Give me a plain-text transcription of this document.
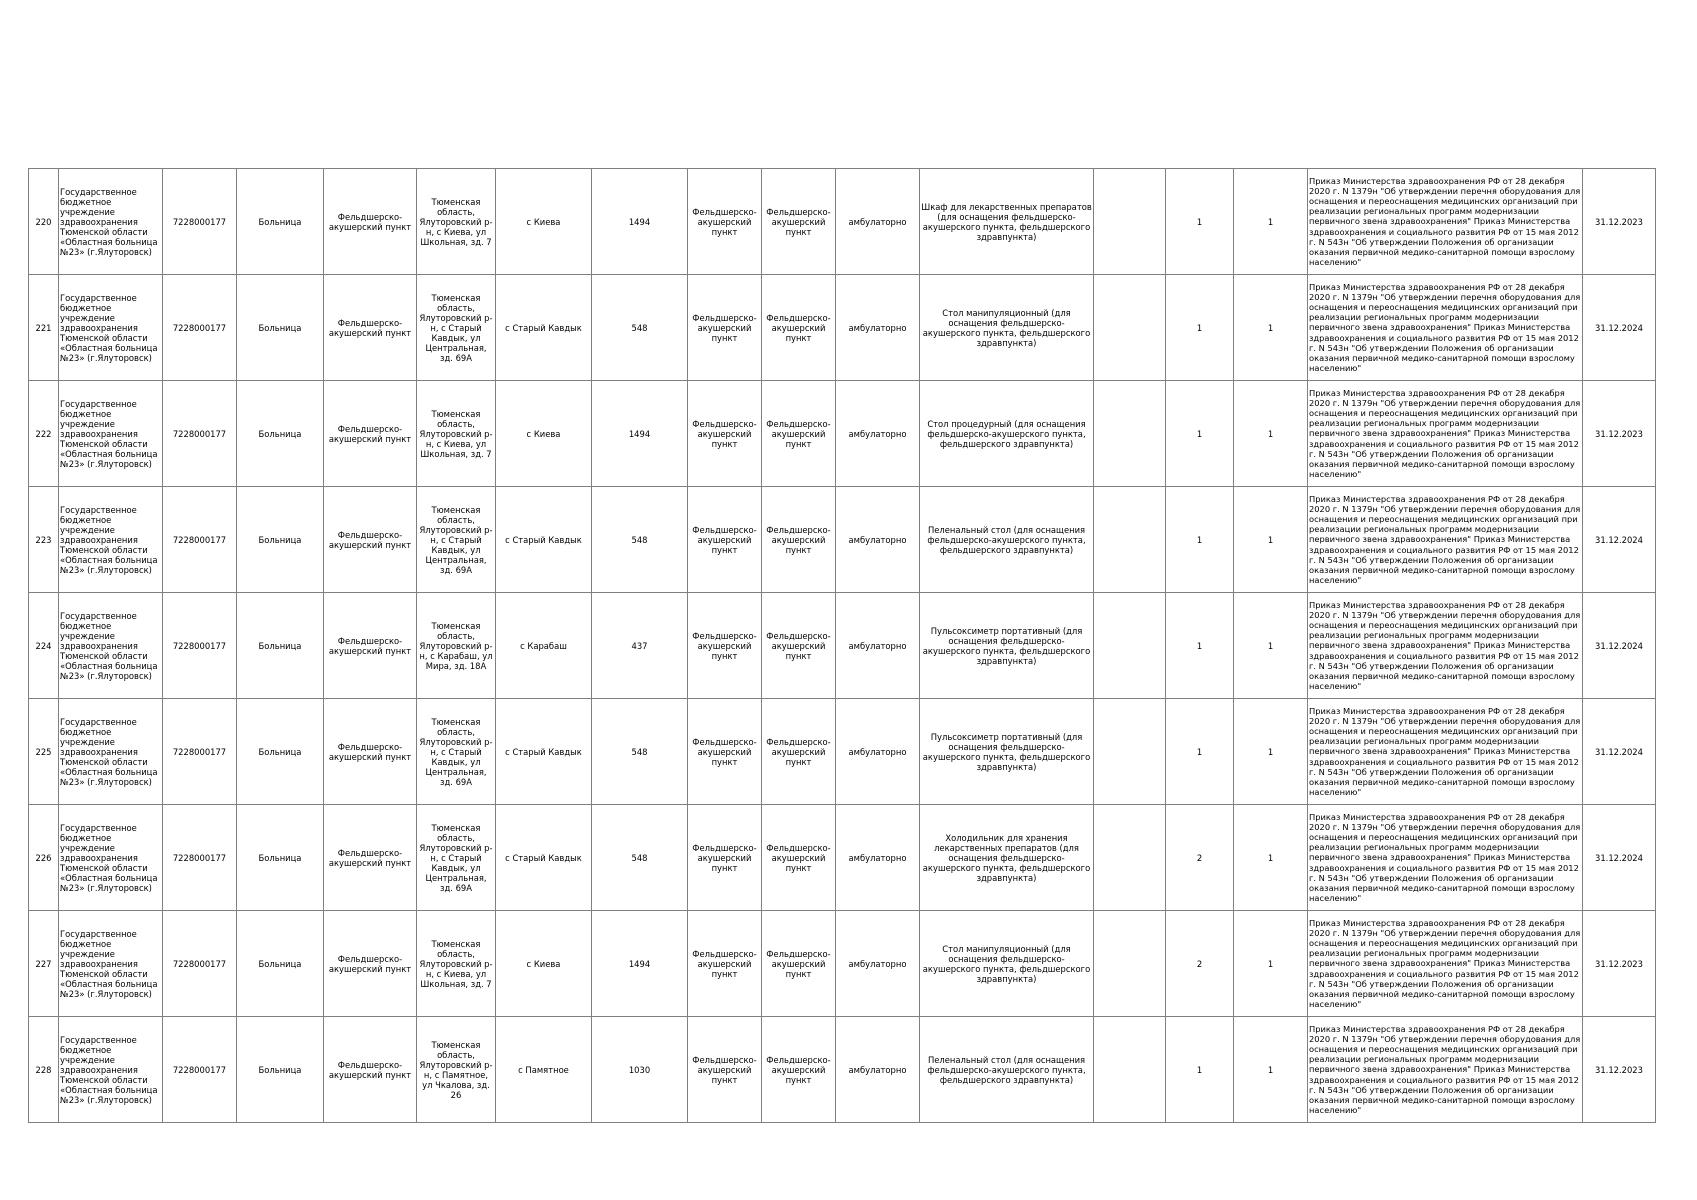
220	Государственное бюджетное учреждение здравоохранения Тюменской области «Областная больница №23» (г.Ялуторовск)	7228000177	Больница	Фельдшерско-акушерский пункт	Тюменская область, Ялуторовский р-н, с Киева, ул Школьная, зд. 7	с Киева	1494	Фельдшерско-акушерский пункт	Фельдшерско-акушерский пункт	амбулаторно	Шкаф для лекарственных препаратов (для оснащения фельдшерско-акушерского пункта, фельдшерского здравпункта)		1	1	Приказ Министерства здравоохранения РФ от 28 декабря 2020 г. N 1379н "Об утверждении перечня оборудования для оснащения и переоснащения медицинских организаций при реализации региональных программ модернизации первичного звена здравоохранения" Приказ Министерства здравоохранения и социального развития РФ от 15 мая 2012 г. N 543н "Об утверждении Положения об организации оказания первичной медико-санитарной помощи взрослому населению"	31.12.2023
221	Государственное бюджетное учреждение здравоохранения Тюменской области «Областная больница №23» (г.Ялуторовск)	7228000177	Больница	Фельдшерско-акушерский пункт	Тюменская область, Ялуторовский р-н, с Старый Кавдык, ул Центральная, зд. 69А	с Старый Кавдык	548	Фельдшерско-акушерский пункт	Фельдшерско-акушерский пункт	амбулаторно	Стол манипуляционный (для оснащения фельдшерско-акушерского пункта, фельдшерского здравпункта)		1	1	Приказ Министерства здравоохранения РФ от 28 декабря 2020 г. N 1379н "Об утверждении перечня оборудования для оснащения и переоснащения медицинских организаций при реализации региональных программ модернизации первичного звена здравоохранения" Приказ Министерства здравоохранения и социального развития РФ от 15 мая 2012 г. N 543н "Об утверждении Положения об организации оказания первичной медико-санитарной помощи взрослому населению"	31.12.2024
222	Государственное бюджетное учреждение здравоохранения Тюменской области «Областная больница №23» (г.Ялуторовск)	7228000177	Больница	Фельдшерско-акушерский пункт	Тюменская область, Ялуторовский р-н, с Киева, ул Школьная, зд. 7	с Киева	1494	Фельдшерско-акушерский пункт	Фельдшерско-акушерский пункт	амбулаторно	Стол процедурный (для оснащения фельдшерско-акушерского пункта, фельдшерского здравпункта)		1	1	Приказ Министерства здравоохранения РФ от 28 декабря 2020 г. N 1379н "Об утверждении перечня оборудования для оснащения и переоснащения медицинских организаций при реализации региональных программ модернизации первичного звена здравоохранения" Приказ Министерства здравоохранения и социального развития РФ от 15 мая 2012 г. N 543н "Об утверждении Положения об организации оказания первичной медико-санитарной помощи взрослому населению"	31.12.2023
223	Государственное бюджетное учреждение здравоохранения Тюменской области «Областная больница №23» (г.Ялуторовск)	7228000177	Больница	Фельдшерско-акушерский пункт	Тюменская область, Ялуторовский р-н, с Старый Кавдык, ул Центральная, зд. 69А	с Старый Кавдык	548	Фельдшерско-акушерский пункт	Фельдшерско-акушерский пункт	амбулаторно	Пеленальный стол (для оснащения фельдшерско-акушерского пункта, фельдшерского здравпункта)		1	1	Приказ Министерства здравоохранения РФ от 28 декабря 2020 г. N 1379н "Об утверждении перечня оборудования для оснащения и переоснащения медицинских организаций при реализации региональных программ модернизации первичного звена здравоохранения" Приказ Министерства здравоохранения и социального развития РФ от 15 мая 2012 г. N 543н "Об утверждении Положения об организации оказания первичной медико-санитарной помощи взрослому населению"	31.12.2024
224	Государственное бюджетное учреждение здравоохранения Тюменской области «Областная больница №23» (г.Ялуторовск)	7228000177	Больница	Фельдшерско-акушерский пункт	Тюменская область, Ялуторовский р-н, с Карабаш, ул Мира, зд. 18А	с Карабаш	437	Фельдшерско-акушерский пункт	Фельдшерско-акушерский пункт	амбулаторно	Пульсоксиметр портативный (для оснащения фельдшерско-акушерского пункта, фельдшерского здравпункта)		1	1	Приказ Министерства здравоохранения РФ от 28 декабря 2020 г. N 1379н "Об утверждении перечня оборудования для оснащения и переоснащения медицинских организаций при реализации региональных программ модернизации первичного звена здравоохранения" Приказ Министерства здравоохранения и социального развития РФ от 15 мая 2012 г. N 543н "Об утверждении Положения об организации оказания первичной медико-санитарной помощи взрослому населению"	31.12.2024
225	Государственное бюджетное учреждение здравоохранения Тюменской области «Областная больница №23» (г.Ялуторовск)	7228000177	Больница	Фельдшерско-акушерский пункт	Тюменская область, Ялуторовский р-н, с Старый Кавдык, ул Центральная, зд. 69А	с Старый Кавдык	548	Фельдшерско-акушерский пункт	Фельдшерско-акушерский пункт	амбулаторно	Пульсоксиметр портативный (для оснащения фельдшерско-акушерского пункта, фельдшерского здравпункта)		1	1	Приказ Министерства здравоохранения РФ от 28 декабря 2020 г. N 1379н "Об утверждении перечня оборудования для оснащения и переоснащения медицинских организаций при реализации региональных программ модернизации первичного звена здравоохранения" Приказ Министерства здравоохранения и социального развития РФ от 15 мая 2012 г. N 543н "Об утверждении Положения об организации оказания первичной медико-санитарной помощи взрослому населению"	31.12.2024
226	Государственное бюджетное учреждение здравоохранения Тюменской области «Областная больница №23» (г.Ялуторовск)	7228000177	Больница	Фельдшерско-акушерский пункт	Тюменская область, Ялуторовский р-н, с Старый Кавдык, ул Центральная, зд. 69А	с Старый Кавдык	548	Фельдшерско-акушерский пункт	Фельдшерско-акушерский пункт	амбулаторно	Холодильник для хранения лекарственных препаратов (для оснащения фельдшерско-акушерского пункта, фельдшерского здравпункта)		2	1	Приказ Министерства здравоохранения РФ от 28 декабря 2020 г. N 1379н "Об утверждении перечня оборудования для оснащения и переоснащения медицинских организаций при реализации региональных программ модернизации первичного звена здравоохранения" Приказ Министерства здравоохранения и социального развития РФ от 15 мая 2012 г. N 543н "Об утверждении Положения об организации оказания первичной медико-санитарной помощи взрослому населению"	31.12.2024
227	Государственное бюджетное учреждение здравоохранения Тюменской области «Областная больница №23» (г.Ялуторовск)	7228000177	Больница	Фельдшерско-акушерский пункт	Тюменская область, Ялуторовский р-н, с Киева, ул Школьная, зд. 7	с Киева	1494	Фельдшерско-акушерский пункт	Фельдшерско-акушерский пункт	амбулаторно	Стол манипуляционный (для оснащения фельдшерско-акушерского пункта, фельдшерского здравпункта)		2	1	Приказ Министерства здравоохранения РФ от 28 декабря 2020 г. N 1379н "Об утверждении перечня оборудования для оснащения и переоснащения медицинских организаций при реализации региональных программ модернизации первичного звена здравоохранения" Приказ Министерства здравоохранения и социального развития РФ от 15 мая 2012 г. N 543н "Об утверждении Положения об организации оказания первичной медико-санитарной помощи взрослому населению"	31.12.2023
228	Государственное бюджетное учреждение здравоохранения Тюменской области «Областная больница №23» (г.Ялуторовск)	7228000177	Больница	Фельдшерско-акушерский пункт	Тюменская область, Ялуторовский р-н, с Памятное, ул Чкалова, зд. 26	с Памятное	1030	Фельдшерско-акушерский пункт	Фельдшерско-акушерский пункт	амбулаторно	Пеленальный стол (для оснащения фельдшерско-акушерского пункта, фельдшерского здравпункта)		1	1	Приказ Министерства здравоохранения РФ от 28 декабря 2020 г. N 1379н "Об утверждении перечня оборудования для оснащения и переоснащения медицинских организаций при реализации региональных программ модернизации первичного звена здравоохранения" Приказ Министерства здравоохранения и социального развития РФ от 15 мая 2012 г. N 543н "Об утверждении Положения об организации оказания первичной медико-санитарной помощи взрослому населению"	31.12.2023
